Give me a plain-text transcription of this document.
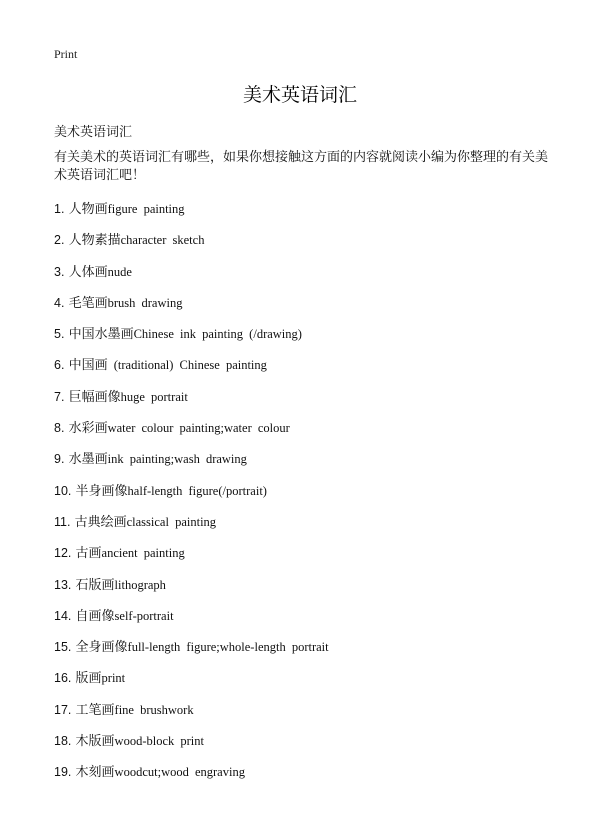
Print
美术英语词汇
美术英语词汇

有关美术的英语词汇有哪些，如果你想接触这方面的内容就阅读小编为你整理的有关美术英语词汇吧！

1. 人物画figure painting
2. 人物素描character sketch
3. 人体画nude
4. 毛笔画brush drawing
5. 中国水墨画Chinese ink painting (/drawing)
6. 中国画 (traditional) Chinese painting
7. 巨幅画像huge portrait
8. 水彩画water colour painting;water colour
9. 水墨画ink painting;wash drawing
10. 半身画像half-length figure(/portrait)
11. 古典绘画classical painting
12. 古画ancient painting
13. 石版画lithograph
14. 自画像self-portrait
15. 全身画像full-length figure;whole-length portrait
16. 版画print
17. 工笔画fine brushwork
18. 木版画wood-block print
19. 木刻画woodcut;wood engraving
